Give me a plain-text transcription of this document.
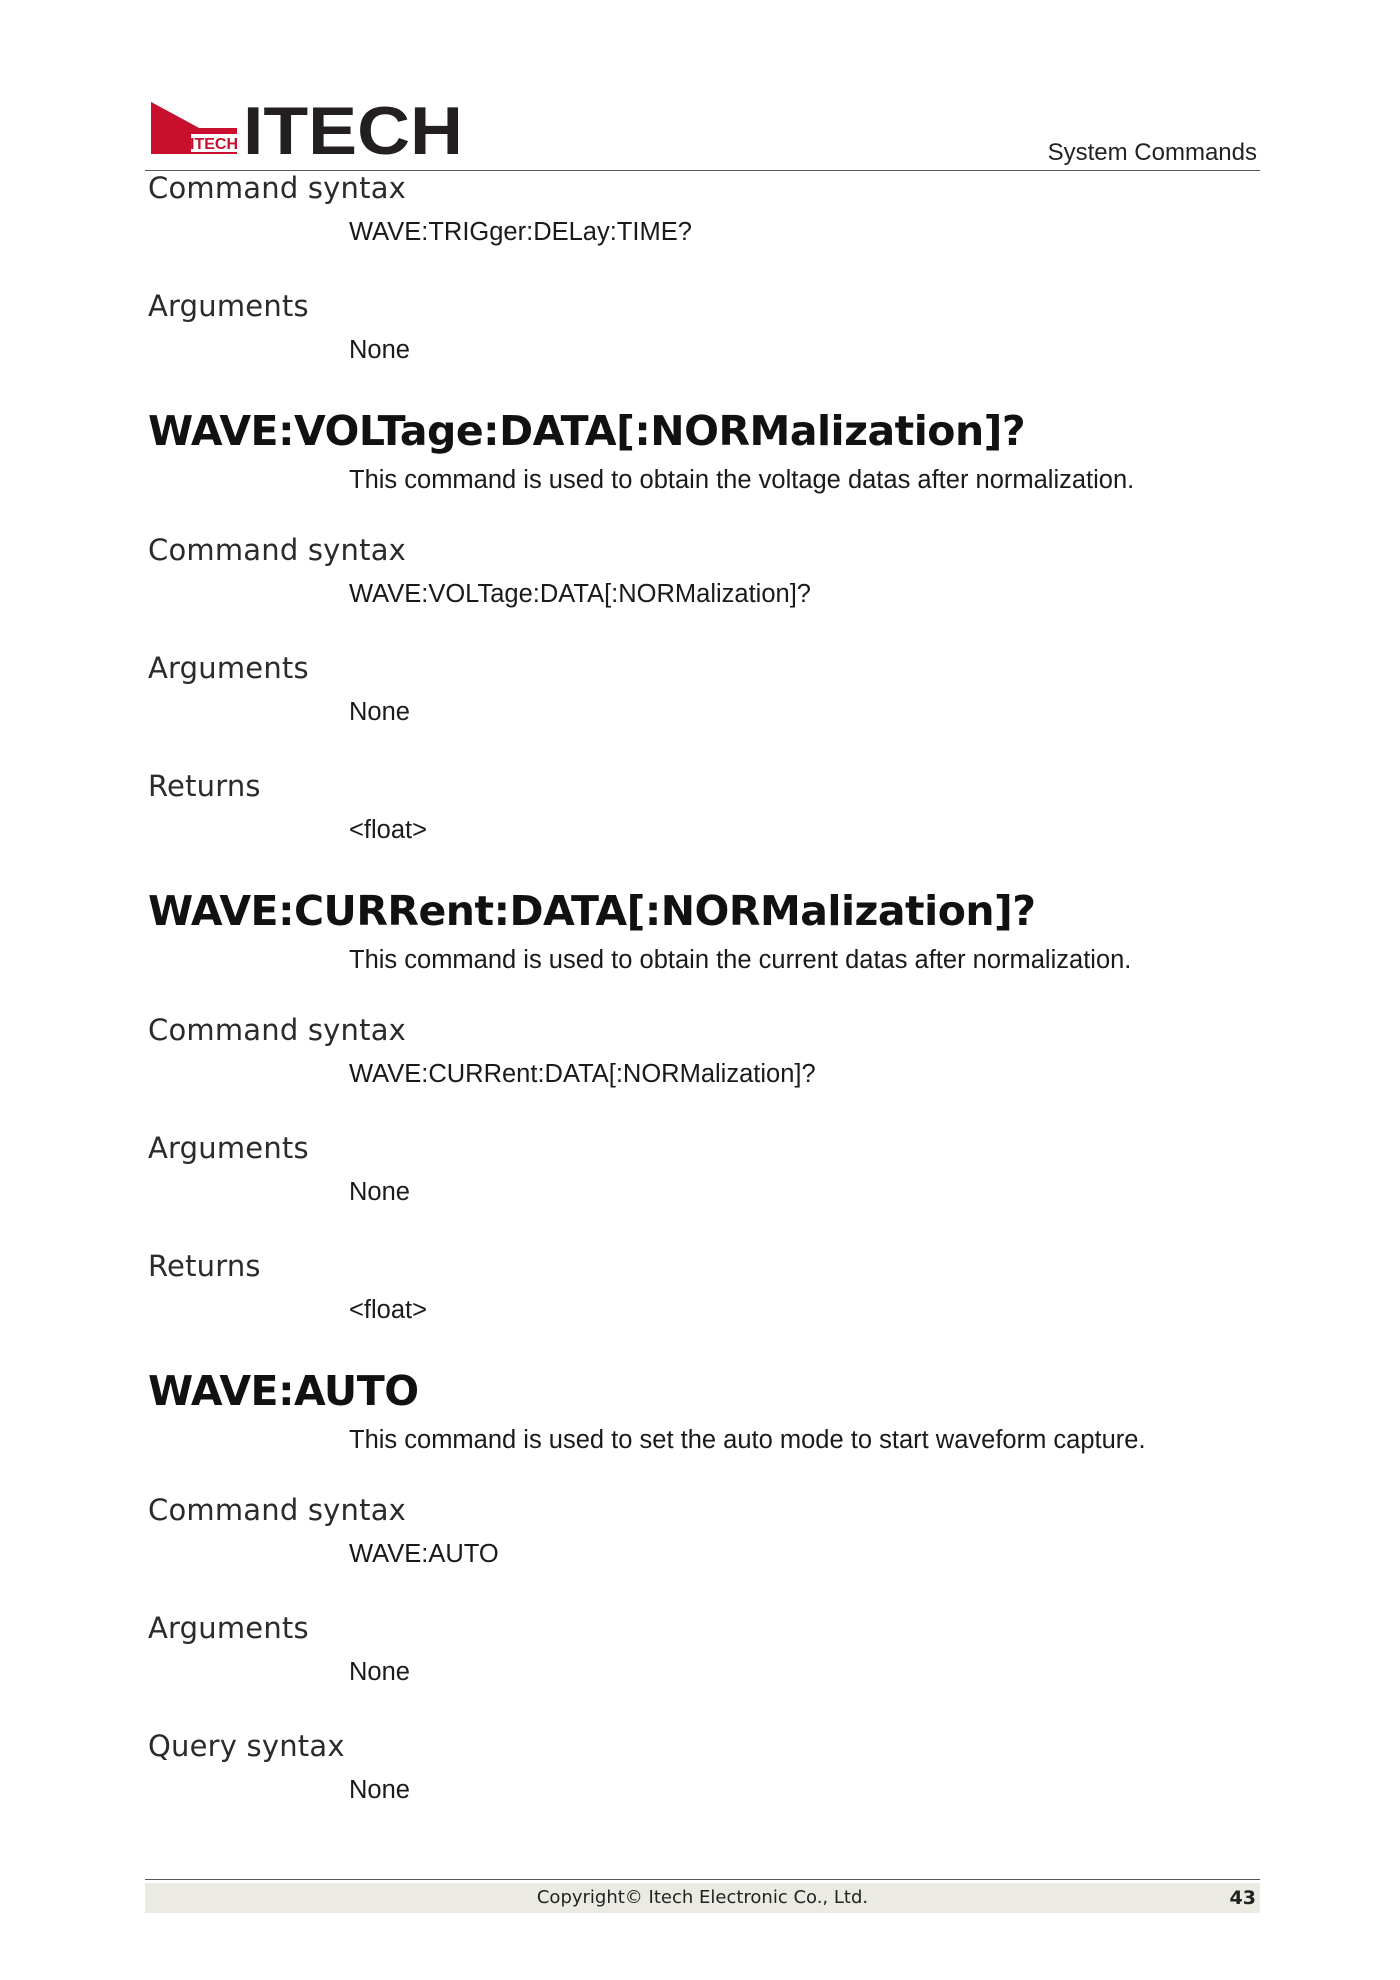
ITECH ITECH	System Commands
Command syntax
WAVE:TRIGger:DELay:TIME?
Arguments
None
WAVE:VOLTage:DATA[:NORMalization]?
This command is used to obtain the voltage datas after normalization.
Command syntax
WAVE:VOLTage:DATA[:NORMalization]?
Arguments
None
Returns
<float>
WAVE:CURRent:DATA[:NORMalization]?
This command is used to obtain the current datas after normalization.
Command syntax
WAVE:CURRent:DATA[:NORMalization]?
Arguments
None
Returns
<float>
WAVE:AUTO
This command is used to set the auto mode to start waveform capture.
Command syntax
WAVE:AUTO
Arguments
None
Query syntax
None
Copyright© Itech Electronic Co., Ltd.	43
